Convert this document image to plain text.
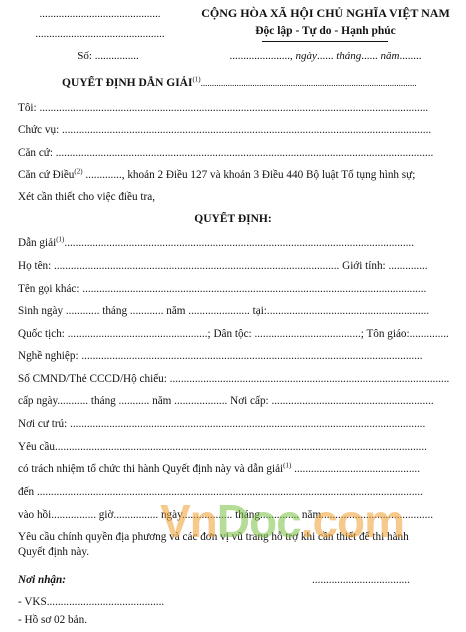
............................................
...............................................
Số: ................
CỘNG HÒA XÃ HỘI CHỦ NGHĨA VIỆT NAM
Độc lập - Tự do - Hạnh phúc
......................, ngày...... tháng...... năm........
QUYẾT ĐỊNH DẪN GIẢI$^{(1)}$................................................................................................
Tôi: ...........................................................................................................................................
Chức vụ: ....................................................................................................................................
Căn cứ: .......................................................................................................................................
Căn cứ Điều$^{(2)}$ ............., khoản 2 Điều 127 và khoản 3 Điều 440 Bộ luật Tố tụng hình sự;
Xét cần thiết cho việc điều tra,
QUYẾT ĐỊNH:
Dẫn giải$^{(1)}$.............................................................................................................................
Họ tên: ...................................................................................................... Giới tính: ..............
Tên gọi khác: ...........................................................................................................................
Sinh ngày ............ tháng ............ năm ...................... tại:..........................................................
Quốc tịch: ..................................................; Dân tộc: ......................................; Tôn giáo:..............
Nghề nghiệp: ..........................................................................................................................
Số CMND/Thẻ CCCD/Hộ chiếu: ....................................................................................................
cấp ngày........... tháng ........... năm ................... Nơi cấp: ..........................................................
Nơi cư trú: ...............................................................................................................................
Yêu cầu.....................................................................................................................................
có trách nhiệm tổ chức thi hành Quyết định này và dẫn giải$^{(1)}$ .............................................
đến ..........................................................................................................................................
vào hồi................ giờ................ ngày.................. tháng.............. năm........................................
Yêu cầu chính quyền địa phương và các đơn vị vũ trang hỗ trợ khi cần thiết để thi hành
Quyết định này.
Nơi nhận:	...................................
- VKS..........................................
- Hồ sơ 02 bản.
VnDoc.com
